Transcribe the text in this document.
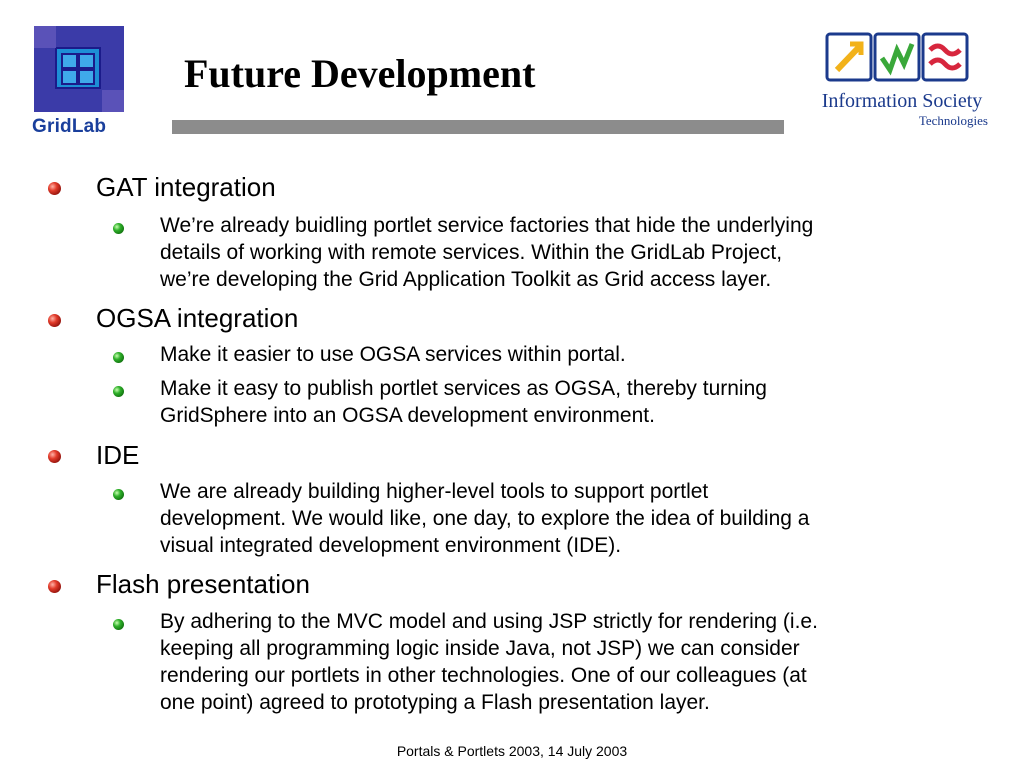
GridLab
Future Development
Information Society
Technologies
GAT integration
We’re already buidling portlet service factories that hide the underlying
details of working with remote services. Within the GridLab Project,
we’re developing the Grid Application Toolkit as Grid access layer.
OGSA integration
Make it easier to use OGSA services within portal.
Make it easy to publish portlet services as OGSA, thereby turning
GridSphere into an OGSA development environment.
IDE
We are already building higher-level tools to support portlet
development. We would like, one day, to explore the idea of building a
visual integrated development environment (IDE).
Flash presentation
By adhering to the MVC model and using JSP strictly for rendering (i.e.
keeping all programming logic inside Java, not JSP) we can consider
rendering our portlets in other technologies. One of our colleagues (at
one point) agreed to prototyping a Flash presentation layer.
Portals & Portlets 2003, 14 July 2003
